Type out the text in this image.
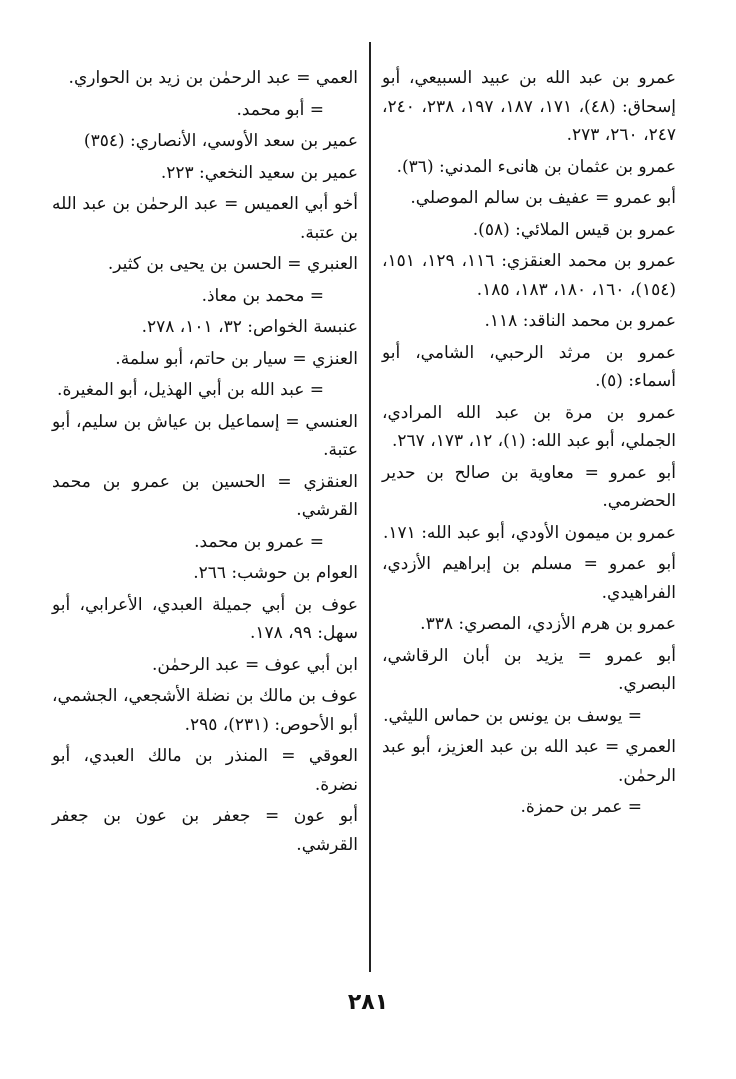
عمرو بن عبد الله بن عبيد السبيعي، أبو إسحاق: (٤٨)، ١٧١، ١٨٧، ١٩٧، ٢٣٨، ٢٤٠، ٢٤٧، ٢٦٠، ٢٧٣.

عمرو بن عثمان بن هانىء المدني: (٣٦).

أبو عمرو = عفيف بن سالم الموصلي.

عمرو بن قيس الملائي: (٥٨).

عمرو بن محمد العنقزي: ١١٦، ١٢٩، ١٥١، (١٥٤)، ١٦٠، ١٨٠، ١٨٣، ١٨٥.

عمرو بن محمد الناقد: ١١٨.

عمرو بن مرثد الرحبي، الشامي، أبو أسماء: (٥).

عمرو بن مرة بن عبد الله المرادي، الجملي، أبو عبد الله: (١)، ١٢، ١٧٣، ٢٦٧.

أبو عمرو = معاوية بن صالح بن حدير الحضرمي.

عمرو بن ميمون الأودي، أبو عبد الله: ١٧١.

أبو عمرو = مسلم بن إبراهيم الأزدي، الفراهيدي.

عمرو بن هرم الأزدي، المصري: ٣٣٨.

أبو عمرو = يزيد بن أبان الرقاشي، البصري.

= يوسف بن يونس بن حماس الليثي.

العمري = عبد الله بن عبد العزيز، أبو عبد الرحمٰن.

= عمر بن حمزة.

العمي = عبد الرحمٰن بن زيد بن الحواري.

= أبو محمد.

عمير بن سعد الأوسي، الأنصاري: (٣٥٤)

عمير بن سعيد النخعي: ٢٢٣.

أخو أبي العميس = عبد الرحمٰن بن عبد الله بن عتبة.

العنبري = الحسن بن يحيى بن كثير.

= محمد بن معاذ.

عنبسة الخواص: ٣٢، ١٠١، ٢٧٨.

العنزي = سيار بن حاتم، أبو سلمة.

= عبد الله بن أبي الهذيل، أبو المغيرة.

العنسي = إسماعيل بن عياش بن سليم، أبو عتبة.

العنقزي = الحسين بن عمرو بن محمد القرشي.

= عمرو بن محمد.

العوام بن حوشب: ٢٦٦.

عوف بن أبي جميلة العبدي، الأعرابي، أبو سهل: ٩٩، ١٧٨.

ابن أبي عوف = عبد الرحمٰن.

عوف بن مالك بن نضلة الأشجعي، الجشمي، أبو الأحوص: (٢٣١)، ٢٩٥.

العوقي = المنذر بن مالك العبدي، أبو نضرة.

أبو عون = جعفر بن عون بن جعفر القرشي.

٢٨١
